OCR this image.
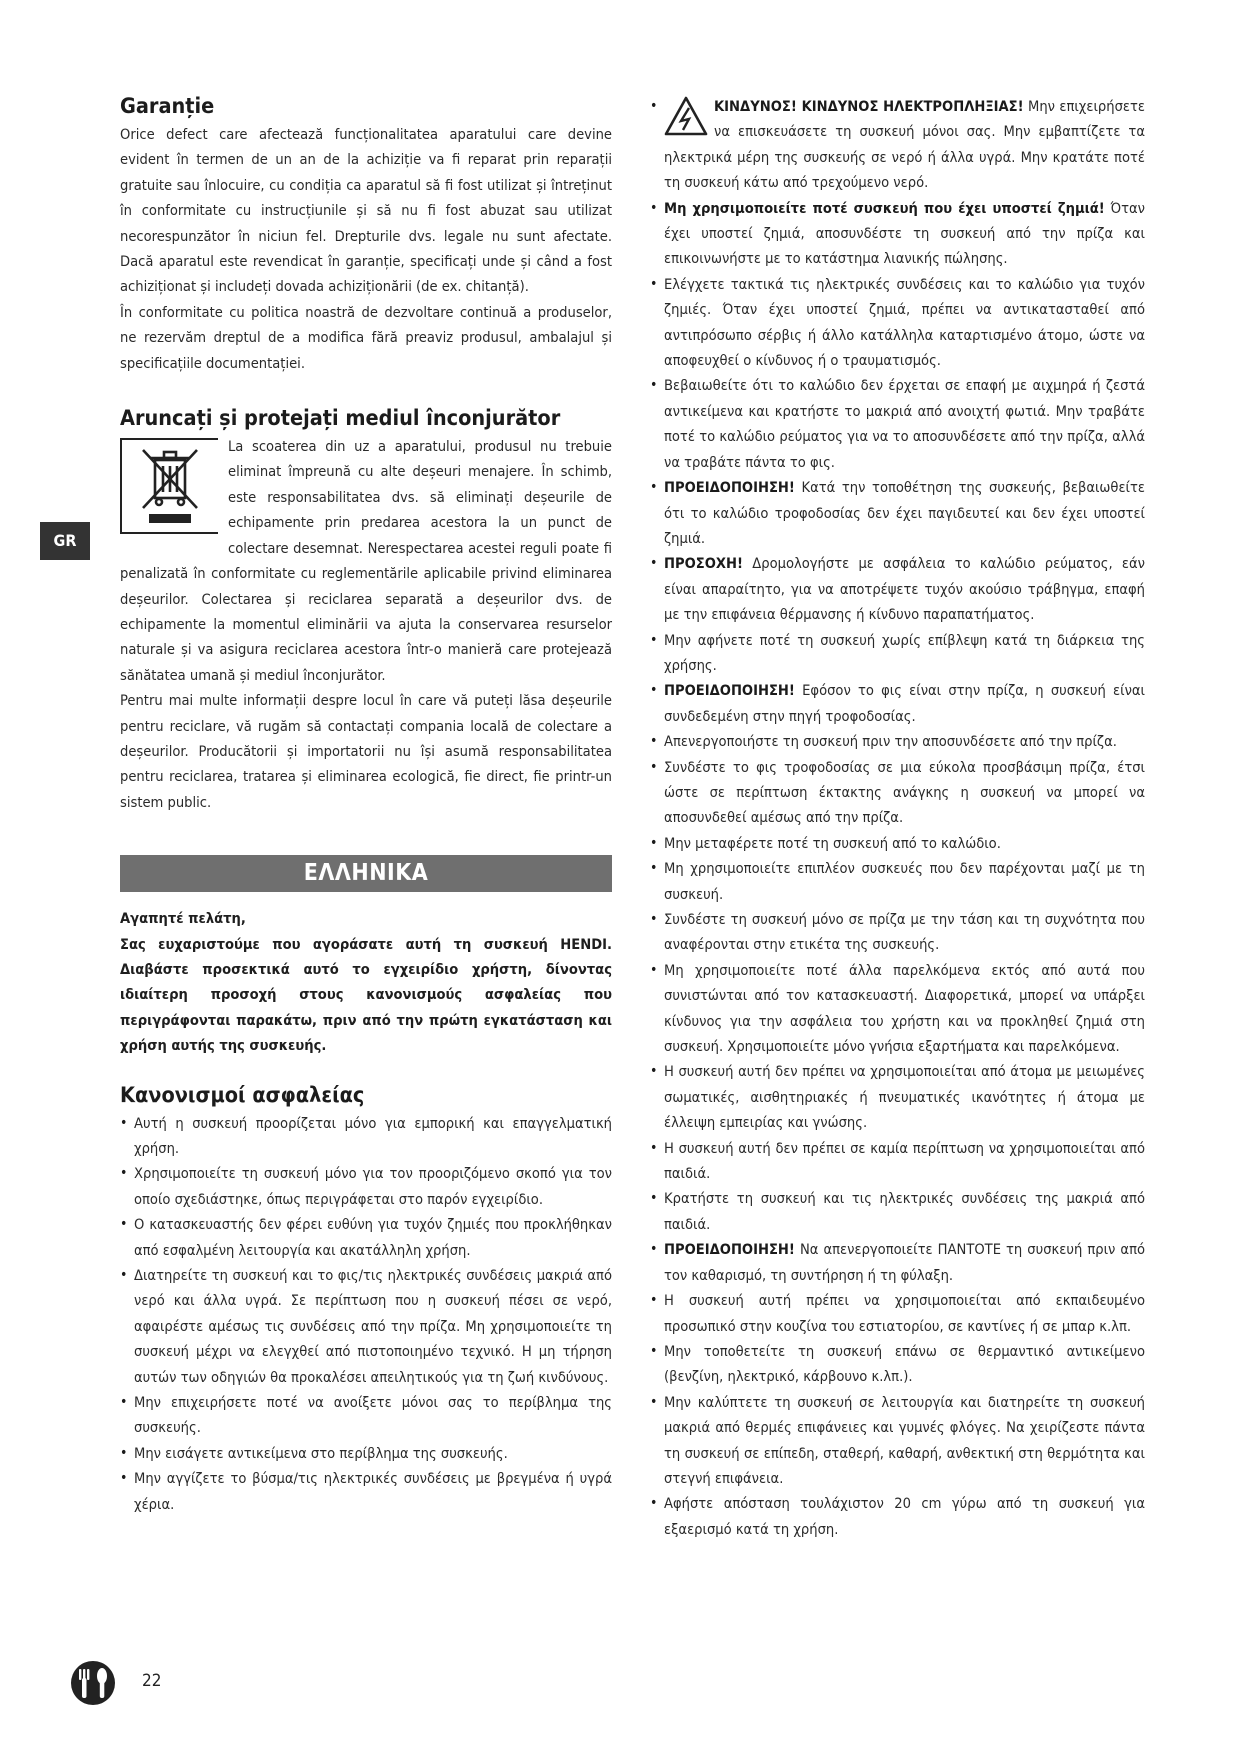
GR
Garanție

Orice defect care afectează funcționalitatea aparatului care devine evident în termen de un an de la achiziție va fi reparat prin reparații gratuite sau înlocuire, cu condiția ca aparatul să fi fost utilizat și întreținut în conformitate cu instrucțiunile și să nu fi fost abuzat sau utilizat necorespunzător în niciun fel. Drepturile dvs. legale nu sunt afectate. Dacă aparatul este revendicat în garanție, specificați unde și când a fost achiziționat și includeți dovada achiziționării (de ex. chitanță).

În conformitate cu politica noastră de dezvoltare continuă a produselor, ne rezervăm dreptul de a modifica fără preaviz produsul, ambalajul și specificațiile documentației.

Aruncați și protejați mediul înconjurător

La scoaterea din uz a aparatului, produsul nu trebuie eliminat împreună cu alte deșeuri menajere. În schimb, este responsabilitatea dvs. să eliminați deșeurile de echipamente prin predarea acestora la un punct de colectare desemnat. Nerespectarea acestei reguli poate fi penalizată în conformitate cu reglementările aplicabile privind eliminarea deșeurilor. Colectarea și reciclarea separată a deșeurilor dvs. de echipamente la momentul eliminării va ajuta la conservarea resurselor naturale și va asigura reciclarea acestora într-o manieră care protejează sănătatea umană și mediul înconjurător.

Pentru mai multe informații despre locul în care vă puteți lăsa deșeurile pentru reciclare, vă rugăm să contactați compania locală de colectare a deșeurilor. Producătorii și importatorii nu își asumă responsabilitatea pentru reciclarea, tratarea și eliminarea ecologică, fie direct, fie printr-un sistem public.

ΕΛΛΗΝΙΚΑ

Αγαπητέ πελάτη,

Σας ευχαριστούμε που αγοράσατε αυτή τη συσκευή HENDI. Διαβάστε προσεκτικά αυτό το εγχειρίδιο χρήστη, δίνοντας ιδιαίτερη προσοχή στους κανονισμούς ασφαλείας που περιγράφονται παρακάτω, πριν από την πρώτη εγκατάσταση και χρήση αυτής της συσκευής.

Κανονισμοί ασφαλείας
• Αυτή η συσκευή προορίζεται μόνο για εμπορική και επαγγελματική χρήση.
• Χρησιμοποιείτε τη συσκευή μόνο για τον προοριζόμενο σκοπό για τον οποίο σχεδιάστηκε, όπως περιγράφεται στο παρόν εγχειρίδιο.
• Ο κατασκευαστής δεν φέρει ευθύνη για τυχόν ζημιές που προκλήθηκαν από εσφαλμένη λειτουργία και ακατάλληλη χρήση.
• Διατηρείτε τη συσκευή και το φις/τις ηλεκτρικές συνδέσεις μακριά από νερό και άλλα υγρά. Σε περίπτωση που η συσκευή πέσει σε νερό, αφαιρέστε αμέσως τις συνδέσεις από την πρίζα. Μη χρησιμοποιείτε τη συσκευή μέχρι να ελεγχθεί από πιστοποιημένο τεχνικό. Η μη τήρηση αυτών των οδηγιών θα προκαλέσει απειλητικούς για τη ζωή κινδύνους.
• Μην επιχειρήσετε ποτέ να ανοίξετε μόνοι σας το περίβλημα της συσκευής.
• Μην εισάγετε αντικείμενα στο περίβλημα της συσκευής.
• Μην αγγίζετε το βύσμα/τις ηλεκτρικές συνδέσεις με βρεγμένα ή υγρά χέρια.
• ΚΙΝΔΥΝΟΣ! ΚΙΝΔΥΝΟΣ ΗΛΕΚΤΡΟΠΛΗΞΙΑΣ! Μην επιχειρήσετε να επισκευάσετε τη συσκευή μόνοι σας. Μην εμβαπτίζετε τα ηλεκτρικά μέρη της συσκευής σε νερό ή άλλα υγρά. Μην κρατάτε ποτέ τη συσκευή κάτω από τρεχούμενο νερό.
• Μη χρησιμοποιείτε ποτέ συσκευή που έχει υποστεί ζημιά! Όταν έχει υποστεί ζημιά, αποσυνδέστε τη συσκευή από την πρίζα και επικοινωνήστε με το κατάστημα λιανικής πώλησης.
• Ελέγχετε τακτικά τις ηλεκτρικές συνδέσεις και το καλώδιο για τυχόν ζημιές. Όταν έχει υποστεί ζημιά, πρέπει να αντικατασταθεί από αντιπρόσωπο σέρβις ή άλλο κατάλληλα καταρτισμένο άτομο, ώστε να αποφευχθεί ο κίνδυνος ή ο τραυματισμός.
• Βεβαιωθείτε ότι το καλώδιο δεν έρχεται σε επαφή με αιχμηρά ή ζεστά αντικείμενα και κρατήστε το μακριά από ανοιχτή φωτιά. Μην τραβάτε ποτέ το καλώδιο ρεύματος για να το αποσυνδέσετε από την πρίζα, αλλά να τραβάτε πάντα το φις.
• ΠΡΟΕΙΔΟΠΟΙΗΣΗ! Κατά την τοποθέτηση της συσκευής, βεβαιωθείτε ότι το καλώδιο τροφοδοσίας δεν έχει παγιδευτεί και δεν έχει υποστεί ζημιά.
• ΠΡΟΣΟΧΗ! Δρομολογήστε με ασφάλεια το καλώδιο ρεύματος, εάν είναι απαραίτητο, για να αποτρέψετε τυχόν ακούσιο τράβηγμα, επαφή με την επιφάνεια θέρμανσης ή κίνδυνο παραπατήματος.
• Μην αφήνετε ποτέ τη συσκευή χωρίς επίβλεψη κατά τη διάρκεια της χρήσης.
• ΠΡΟΕΙΔΟΠΟΙΗΣΗ! Εφόσον το φις είναι στην πρίζα, η συσκευή είναι συνδεδεμένη στην πηγή τροφοδοσίας.
• Απενεργοποιήστε τη συσκευή πριν την αποσυνδέσετε από την πρίζα.
• Συνδέστε το φις τροφοδοσίας σε μια εύκολα προσβάσιμη πρίζα, έτσι ώστε σε περίπτωση έκτακτης ανάγκης η συσκευή να μπορεί να αποσυνδεθεί αμέσως από την πρίζα.
• Μην μεταφέρετε ποτέ τη συσκευή από το καλώδιο.
• Μη χρησιμοποιείτε επιπλέον συσκευές που δεν παρέχονται μαζί με τη συσκευή.
• Συνδέστε τη συσκευή μόνο σε πρίζα με την τάση και τη συχνότητα που αναφέρονται στην ετικέτα της συσκευής.
• Μη χρησιμοποιείτε ποτέ άλλα παρελκόμενα εκτός από αυτά που συνιστώνται από τον κατασκευαστή. Διαφορετικά, μπορεί να υπάρξει κίνδυνος για την ασφάλεια του χρήστη και να προκληθεί ζημιά στη συσκευή. Χρησιμοποιείτε μόνο γνήσια εξαρτήματα και παρελκόμενα.
• Η συσκευή αυτή δεν πρέπει να χρησιμοποιείται από άτομα με μειωμένες σωματικές, αισθητηριακές ή πνευματικές ικανότητες ή άτομα με έλλειψη εμπειρίας και γνώσης.
• Η συσκευή αυτή δεν πρέπει σε καμία περίπτωση να χρησιμοποιείται από παιδιά.
• Κρατήστε τη συσκευή και τις ηλεκτρικές συνδέσεις της μακριά από παιδιά.
• ΠΡΟΕΙΔΟΠΟΙΗΣΗ! Να απενεργοποιείτε ΠΑΝΤΟΤΕ τη συσκευή πριν από τον καθαρισμό, τη συντήρηση ή τη φύλαξη.
• Η συσκευή αυτή πρέπει να χρησιμοποιείται από εκπαιδευμένο προσωπικό στην κουζίνα του εστιατορίου, σε καντίνες ή σε μπαρ κ.λπ.
• Μην τοποθετείτε τη συσκευή επάνω σε θερμαντικό αντικείμενο (βενζίνη, ηλεκτρικό, κάρβουνο κ.λπ.).
• Μην καλύπτετε τη συσκευή σε λειτουργία και διατηρείτε τη συσκευή μακριά από θερμές επιφάνειες και γυμνές φλόγες. Να χειρίζεστε πάντα τη συσκευή σε επίπεδη, σταθερή, καθαρή, ανθεκτική στη θερμότητα και στεγνή επιφάνεια.
• Αφήστε απόσταση τουλάχιστον 20 cm γύρω από τη συσκευή για εξαερισμό κατά τη χρήση.
22
